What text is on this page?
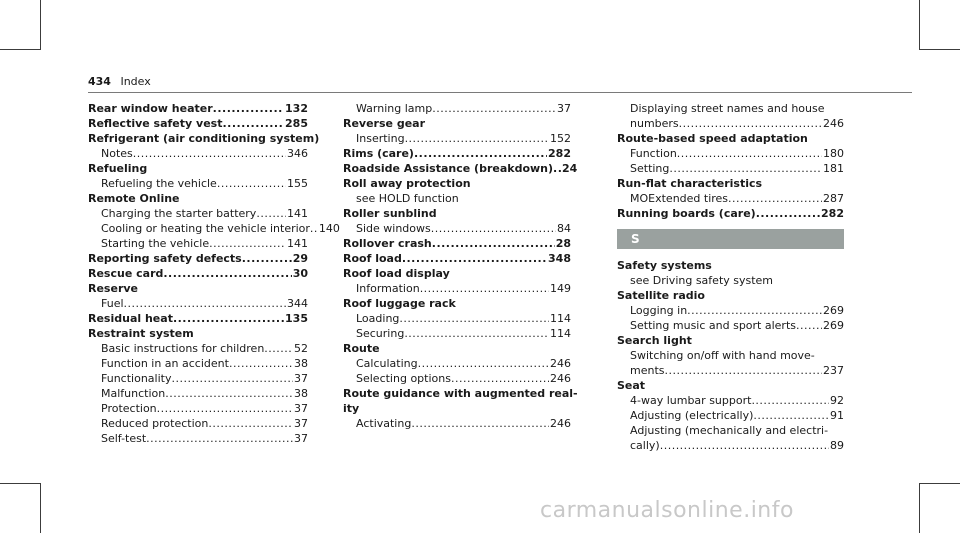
434 Index
Rear window heater .....	132
Reflective safety vest .....	285
Refrigerant (air conditioning system)
Notes .....	346
Refueling
Refueling the vehicle .....	155
Remote Online
Charging the starter battery .....	141
Cooling or heating the vehicle interior ..... 140
Starting the vehicle .....	141
Reporting safety defects .....	29
Rescue card .....	30
Reserve
Fuel .....	344
Residual heat .....	135
Restraint system
Basic instructions for children .....	52
Function in an accident .....	38
Functionality .....	37
Malfunction .....	38
Protection .....	37
Reduced protection .....	37
Self-test .....	37
Warning lamp .....	37
Reverse gear
Inserting .....	152
Rims (care) .....	282
Roadside Assistance (breakdown) ..... 24
Roll away protection
see HOLD function
Roller sunblind
Side windows .....	84
Rollover crash .....	28
Roof load .....	348
Roof load display
Information .....	149
Roof luggage rack
Loading .....	114
Securing .....	114
Route
Calculating .....	246
Selecting options .....	246
Route guidance with augmented real-
ity
Activating .....	246
Displaying street names and house
numbers .....	246
Route-based speed adaptation
Function .....	180
Setting .....	181
Run-flat characteristics
MOExtended tires .....	287
Running boards (care) .....	282
S
Safety systems
see Driving safety system
Satellite radio
Logging in .....	269
Setting music and sport alerts ..... 269
Search light
Switching on/off with hand move-
ments .....	237
Seat
4-way lumbar support .....	92
Adjusting (electrically) .....	91
Adjusting (mechanically and electri-
cally) .....	89
carmanualsonline.info
